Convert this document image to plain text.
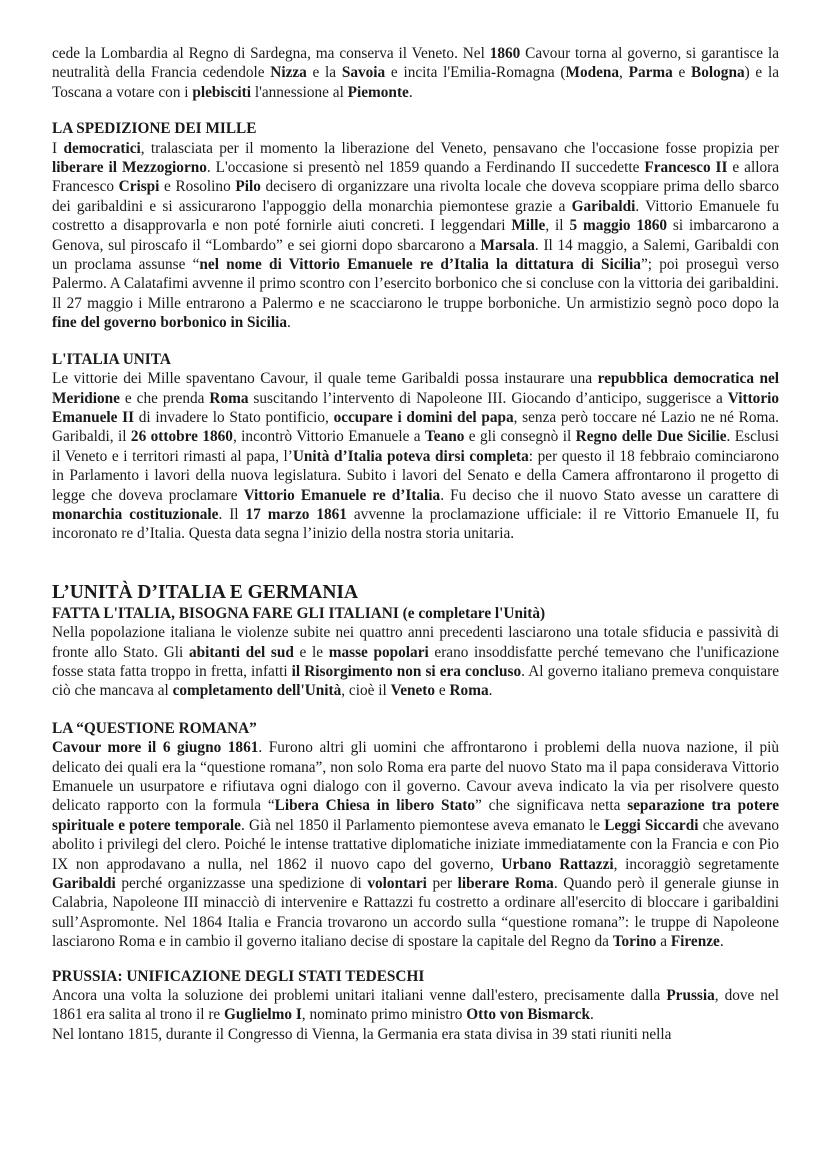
cede la Lombardia al Regno di Sardegna, ma conserva il Veneto. Nel 1860 Cavour torna al governo, si garantisce la neutralità della Francia cedendole Nizza e la Savoia e incita l'Emilia-Romagna (Modena, Parma e Bologna) e la Toscana a votare con i plebisciti l'annessione al Piemonte.

LA SPEDIZIONE DEI MILLE

I democratici, tralasciata per il momento la liberazione del Veneto, pensavano che l'occasione fosse propizia per liberare il Mezzogiorno. L'occasione si presentò nel 1859 quando a Ferdinando II succedette Francesco II e allora Francesco Crispi e Rosolino Pilo decisero di organizzare una rivolta locale che doveva scoppiare prima dello sbarco dei garibaldini e si assicurarono l'appoggio della monarchia piemontese grazie a Garibaldi. Vittorio Emanuele fu costretto a disapprovarla e non poté fornirle aiuti concreti. I leggendari Mille, il 5 maggio 1860 si imbarcarono a Genova, sul piroscafo il “Lombardo” e sei giorni dopo sbarcarono a Marsala. Il 14 maggio, a Salemi, Garibaldi con un proclama assunse “nel nome di Vittorio Emanuele re d’Italia la dittatura di Sicilia”; poi proseguì verso Palermo. A Calatafimi avvenne il primo scontro con l’esercito borbonico che si concluse con la vittoria dei garibaldini. Il 27 maggio i Mille entrarono a Palermo e ne scacciarono le truppe borboniche. Un armistizio segnò poco dopo la fine del governo borbonico in Sicilia.

L'ITALIA UNITA

Le vittorie dei Mille spaventano Cavour, il quale teme Garibaldi possa instaurare una repubblica democratica nel Meridione e che prenda Roma suscitando l’intervento di Napoleone III. Giocando d’anticipo, suggerisce a Vittorio Emanuele II di invadere lo Stato pontificio, occupare i domini del papa, senza però toccare né Lazio ne né Roma. Garibaldi, il 26 ottobre 1860, incontrò Vittorio Emanuele a Teano e gli consegnò il Regno delle Due Sicilie. Esclusi il Veneto e i territori rimasti al papa, l’Unità d’Italia poteva dirsi completa: per questo il 18 febbraio cominciarono in Parlamento i lavori della nuova legislatura. Subito i lavori del Senato e della Camera affrontarono il progetto di legge che doveva proclamare Vittorio Emanuele re d’Italia. Fu deciso che il nuovo Stato avesse un carattere di monarchia costituzionale. Il 17 marzo 1861 avvenne la proclamazione ufficiale: il re Vittorio Emanuele II, fu incoronato re d’Italia. Questa data segna l’inizio della nostra storia unitaria.

L’UNITÀ D’ITALIA E GERMANIA
FATTA L'ITALIA, BISOGNA FARE GLI ITALIANI (e completare l'Unità)

Nella popolazione italiana le violenze subite nei quattro anni precedenti lasciarono una totale sfiducia e passività di fronte allo Stato. Gli abitanti del sud e le masse popolari erano insoddisfatte perché temevano che l'unificazione fosse stata fatta troppo in fretta, infatti il Risorgimento non si era concluso. Al governo italiano premeva conquistare ciò che mancava al completamento dell'Unità, cioè il Veneto e Roma.

LA “QUESTIONE ROMANA”

Cavour more il 6 giugno 1861. Furono altri gli uomini che affrontarono i problemi della nuova nazione, il più delicato dei quali era la “questione romana”, non solo Roma era parte del nuovo Stato ma il papa considerava Vittorio Emanuele un usurpatore e rifiutava ogni dialogo con il governo. Cavour aveva indicato la via per risolvere questo delicato rapporto con la formula “Libera Chiesa in libero Stato” che significava netta separazione tra potere spirituale e potere temporale. Già nel 1850 il Parlamento piemontese aveva emanato le Leggi Siccardi che avevano abolito i privilegi del clero. Poiché le intense trattative diplomatiche iniziate immediatamente con la Francia e con Pio IX non approdavano a nulla, nel 1862 il nuovo capo del governo, Urbano Rattazzi, incoraggiò segretamente Garibaldi perché organizzasse una spedizione di volontari per liberare Roma. Quando però il generale giunse in Calabria, Napoleone III minacciò di intervenire e Rattazzi fu costretto a ordinare all'esercito di bloccare i garibaldini sull’Aspromonte. Nel 1864 Italia e Francia trovarono un accordo sulla “questione romana”: le truppe di Napoleone lasciarono Roma e in cambio il governo italiano decise di spostare la capitale del Regno da Torino a Firenze.

PRUSSIA: UNIFICAZIONE DEGLI STATI TEDESCHI

Ancora una volta la soluzione dei problemi unitari italiani venne dall'estero, precisamente dalla Prussia, dove nel 1861 era salita al trono il re Guglielmo I, nominato primo ministro Otto von Bismarck.

Nel lontano 1815, durante il Congresso di Vienna, la Germania era stata divisa in 39 stati riuniti nella
